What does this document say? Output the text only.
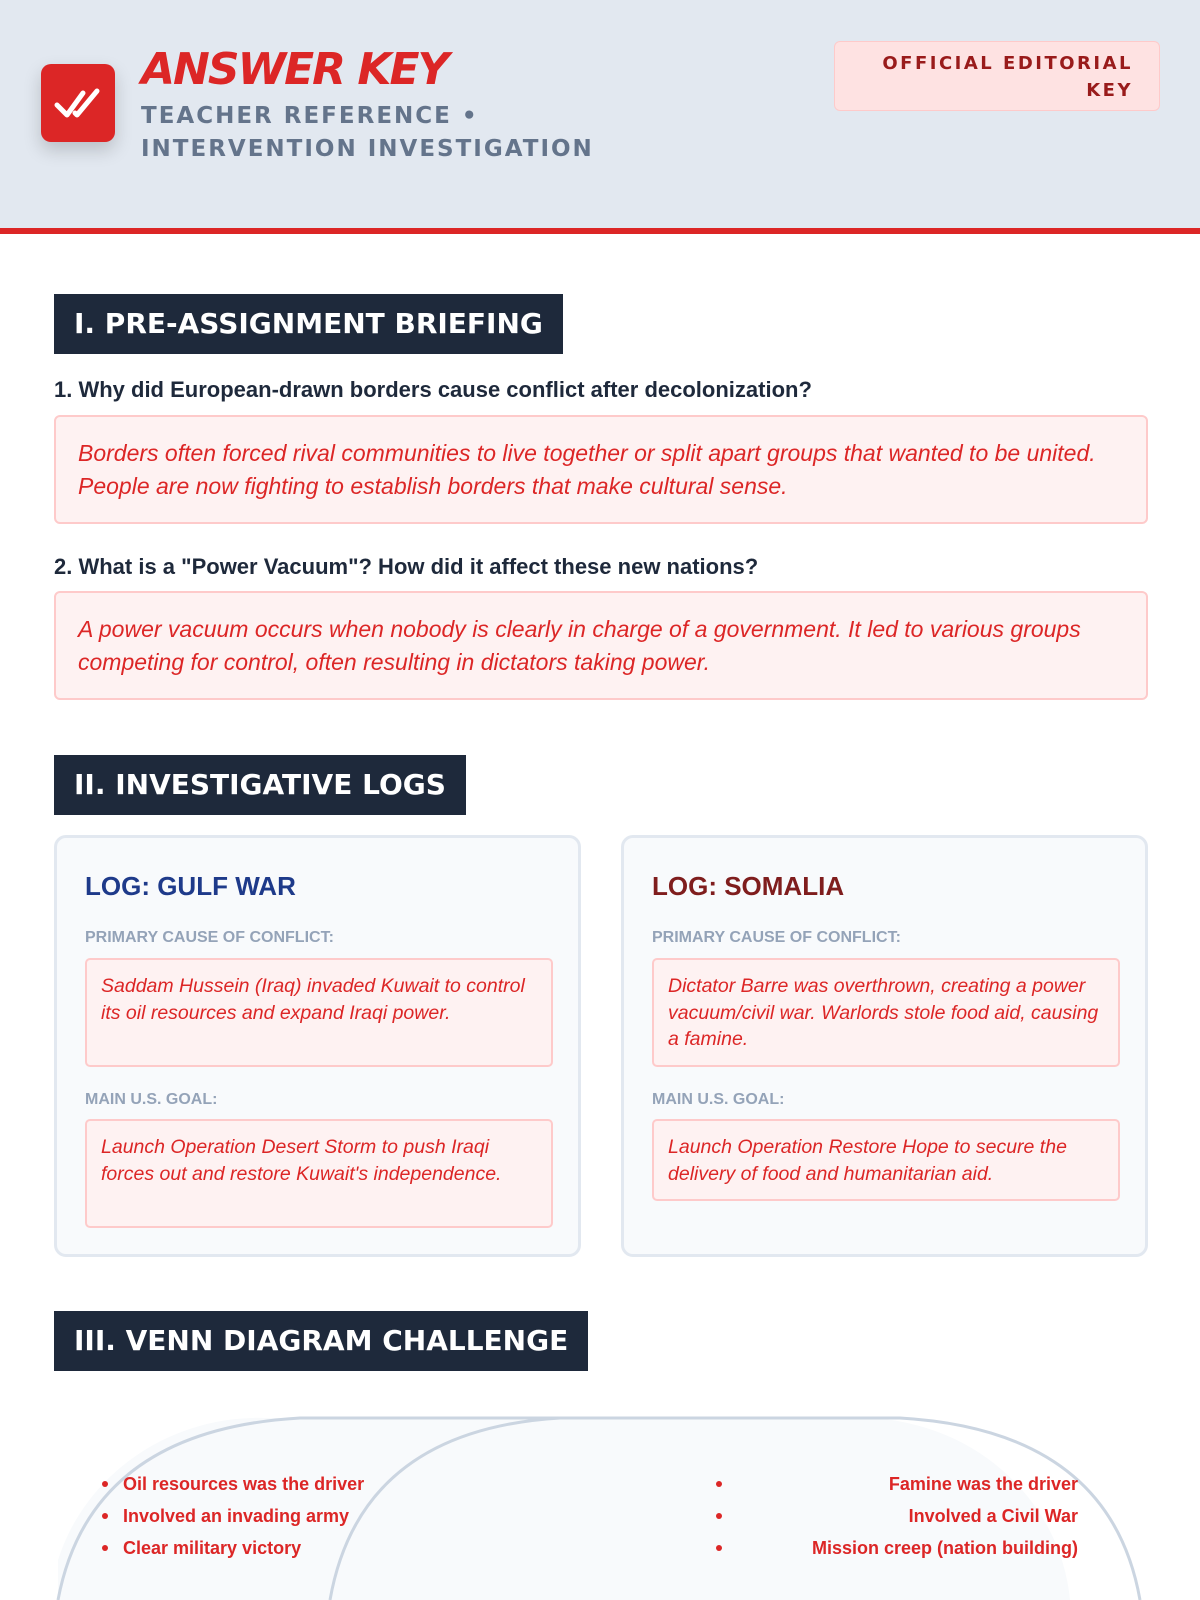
ANSWER KEY
TEACHER REFERENCE • INTERVENTION INVESTIGATION
OFFICIAL EDITORIAL KEY
I. PRE-ASSIGNMENT BRIEFING
1. Why did European-drawn borders cause conflict after decolonization?
Borders often forced rival communities to live together or split apart groups that wanted to be united. People are now fighting to establish borders that make cultural sense.
2. What is a "Power Vacuum"? How did it affect these new nations?
A power vacuum occurs when nobody is clearly in charge of a government. It led to various groups competing for control, often resulting in dictators taking power.
II. INVESTIGATIVE LOGS
LOG: GULF WAR
PRIMARY CAUSE OF CONFLICT:
Saddam Hussein (Iraq) invaded Kuwait to control its oil resources and expand Iraqi power.
MAIN U.S. GOAL:
Launch Operation Desert Storm to push Iraqi forces out and restore Kuwait's independence.
LOG: SOMALIA
PRIMARY CAUSE OF CONFLICT:
Dictator Barre was overthrown, creating a power vacuum/civil war. Warlords stole food aid, causing a famine.
MAIN U.S. GOAL:
Launch Operation Restore Hope to secure the delivery of food and humanitarian aid.
III. VENN DIAGRAM CHALLENGE
Oil resources was the driver
Involved an invading army
Clear military victory
Famine was the driver
Involved a Civil War
Mission creep (nation building)
